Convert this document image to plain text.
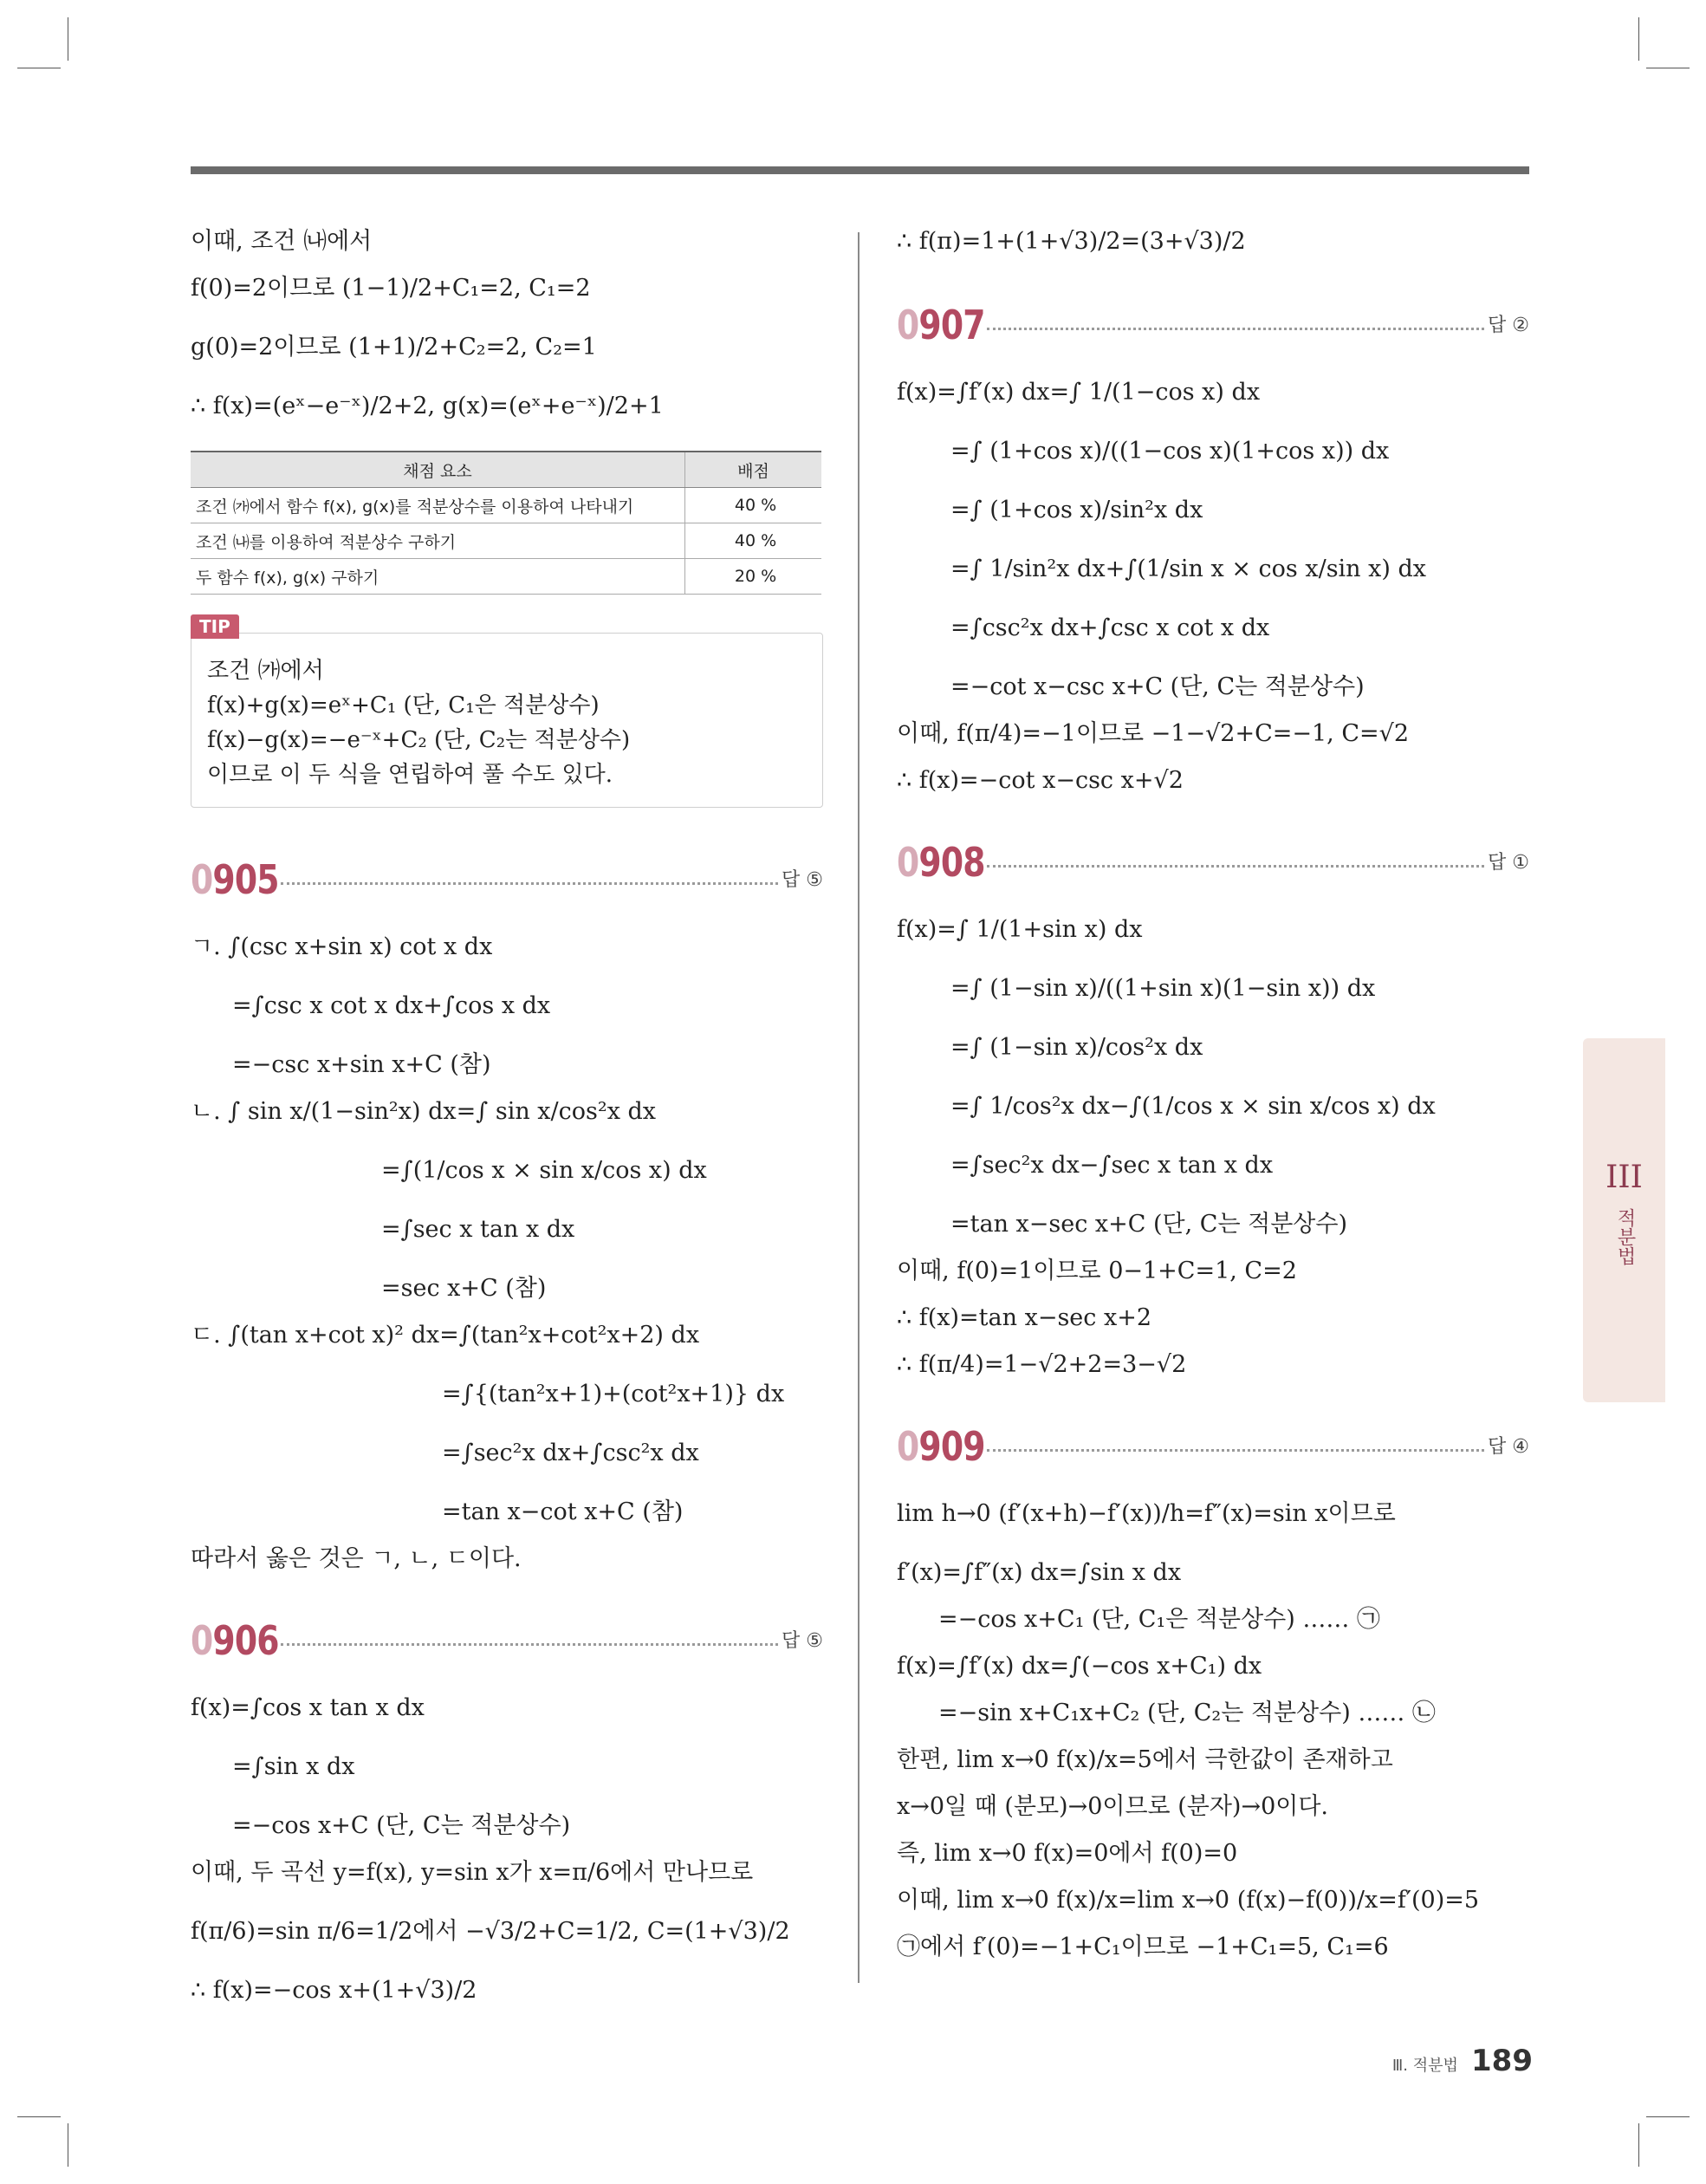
이때, 조건 ㈏에서
f(0)=2이므로 (1−1)/2+C₁=2, C₁=2
g(0)=2이므로 (1+1)/2+C₂=2, C₂=1
∴ f(x)=(eˣ−e⁻ˣ)/2+2, g(x)=(eˣ+e⁻ˣ)/2+1
채점 요소	배점
조건 ㈎에서 함수 f(x), g(x)를 적분상수를 이용하여 나타내기	40 %
조건 ㈏를 이용하여 적분상수 구하기	40 %
두 함수 f(x), g(x) 구하기	20 %
TIP
조건 ㈎에서
f(x)+g(x)=eˣ+C₁ (단, C₁은 적분상수)
f(x)−g(x)=−e⁻ˣ+C₂ (단, C₂는 적분상수)
이므로 이 두 식을 연립하여 풀 수도 있다.
0905	답 ⑤
ㄱ. ∫(csc x+sin x) cot x dx
=∫csc x cot x dx+∫cos x dx
=−csc x+sin x+C (참)
ㄴ. ∫ sin x/(1−sin²x) dx=∫ sin x/cos²x dx
=∫(1/cos x × sin x/cos x) dx
=∫sec x tan x dx
=sec x+C (참)
ㄷ. ∫(tan x+cot x)² dx=∫(tan²x+cot²x+2) dx
=∫{(tan²x+1)+(cot²x+1)} dx
=∫sec²x dx+∫csc²x dx
=tan x−cot x+C (참)
따라서 옳은 것은 ㄱ, ㄴ, ㄷ이다.
0906	답 ⑤
f(x)=∫cos x tan x dx
=∫sin x dx
=−cos x+C (단, C는 적분상수)
이때, 두 곡선 y=f(x), y=sin x가 x=π/6에서 만나므로
f(π/6)=sin π/6=1/2에서 −√3/2+C=1/2, C=(1+√3)/2
∴ f(x)=−cos x+(1+√3)/2
∴ f(π)=1+(1+√3)/2=(3+√3)/2
0907	답 ②
f(x)=∫f′(x) dx=∫ 1/(1−cos x) dx
=∫ (1+cos x)/((1−cos x)(1+cos x)) dx
=∫ (1+cos x)/sin²x dx
=∫ 1/sin²x dx+∫(1/sin x × cos x/sin x) dx
=∫csc²x dx+∫csc x cot x dx
=−cot x−csc x+C (단, C는 적분상수)
이때, f(π/4)=−1이므로 −1−√2+C=−1, C=√2
∴ f(x)=−cot x−csc x+√2
0908	답 ①
f(x)=∫ 1/(1+sin x) dx
=∫ (1−sin x)/((1+sin x)(1−sin x)) dx
=∫ (1−sin x)/cos²x dx
=∫ 1/cos²x dx−∫(1/cos x × sin x/cos x) dx
=∫sec²x dx−∫sec x tan x dx
=tan x−sec x+C (단, C는 적분상수)
이때, f(0)=1이므로 0−1+C=1, C=2
∴ f(x)=tan x−sec x+2
∴ f(π/4)=1−√2+2=3−√2
0909	답 ④
lim h→0 (f′(x+h)−f′(x))/h=f″(x)=sin x이므로
f′(x)=∫f″(x) dx=∫sin x dx
=−cos x+C₁ (단, C₁은 적분상수) …… ㉠
f(x)=∫f′(x) dx=∫(−cos x+C₁) dx
=−sin x+C₁x+C₂ (단, C₂는 적분상수) …… ㉡
한편, lim x→0 f(x)/x=5에서 극한값이 존재하고
x→0일 때 (분모)→0이므로 (분자)→0이다.
즉, lim x→0 f(x)=0에서 f(0)=0
이때, lim x→0 f(x)/x=lim x→0 (f(x)−f(0))/x=f′(0)=5
㉠에서 f′(0)=−1+C₁이므로 −1+C₁=5, C₁=6
III
적분법
Ⅲ. 적분법 189
